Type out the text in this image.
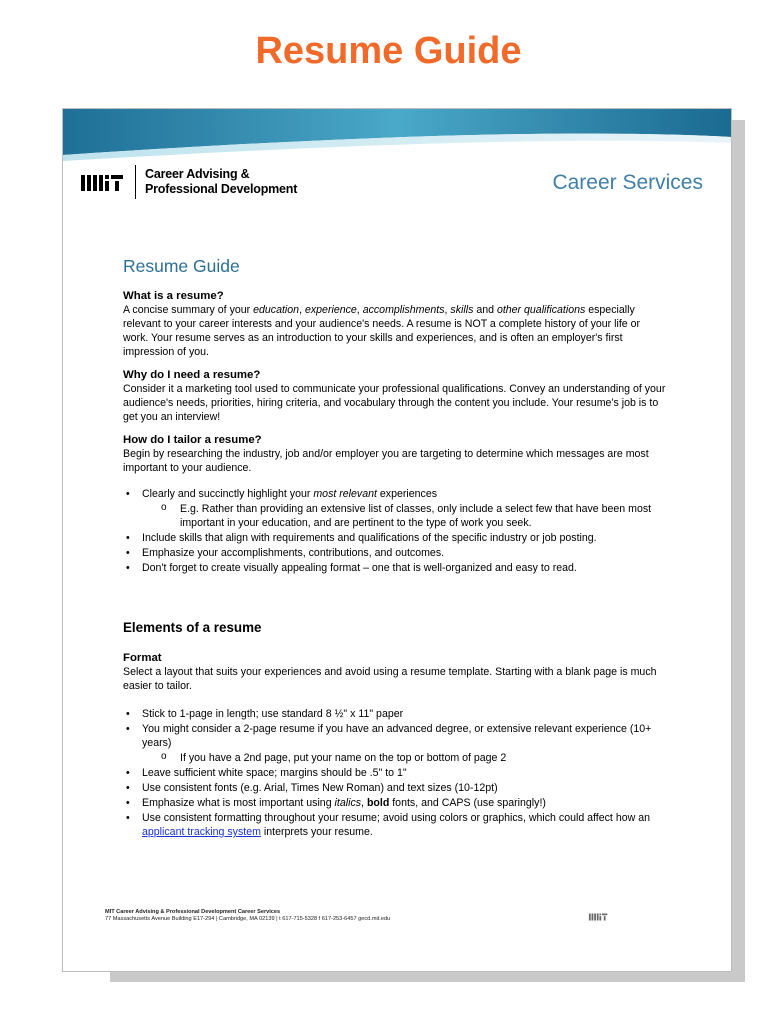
Resume Guide
Career Advising &
Professional Development	Career Services
Resume Guide
What is a resume?

A concise summary of your education, experience, accomplishments, skills and other qualifications especially relevant to your career interests and your audience's needs. A resume is NOT a complete history of your life or work. Your resume serves as an introduction to your skills and experiences, and is often an employer's first impression of you.

Why do I need a resume?

Consider it a marketing tool used to communicate your professional qualifications. Convey an understanding of your audience's needs, priorities, hiring criteria, and vocabulary through the content you include. Your resume's job is to get you an interview!

How do I tailor a resume?

Begin by researching the industry, job and/or employer you are targeting to determine which messages are most important to your audience.

• Clearly and succinctly highlight your most relevant experiences
o E.g. Rather than providing an extensive list of classes, only include a select few that have been most important in your education, and are pertinent to the type of work you seek.
• Include skills that align with requirements and qualifications of the specific industry or job posting.
• Emphasize your accomplishments, contributions, and outcomes.
• Don't forget to create visually appealing format – one that is well-organized and easy to read.
Elements of a resume
Format

Select a layout that suits your experiences and avoid using a resume template. Starting with a blank page is much easier to tailor.

• Stick to 1-page in length; use standard 8 ½" x 11" paper
• You might consider a 2-page resume if you have an advanced degree, or extensive relevant experience (10+ years)
o If you have a 2nd page, put your name on the top or bottom of page 2
• Leave sufficient white space; margins should be .5" to 1"
• Use consistent fonts (e.g. Arial, Times New Roman) and text sizes (10-12pt)
• Emphasize what is most important using italics, bold fonts, and CAPS (use sparingly!)
• Use consistent formatting throughout your resume; avoid using colors or graphics, which could affect how an applicant tracking system interprets your resume.
MIT Career Advising & Professional Development Career Services
77 Massachusetts Avenue Building E17-294 | Cambridge, MA 02139 | t 617-715-5328 f 617-253-6457 gecd.mit.edu
